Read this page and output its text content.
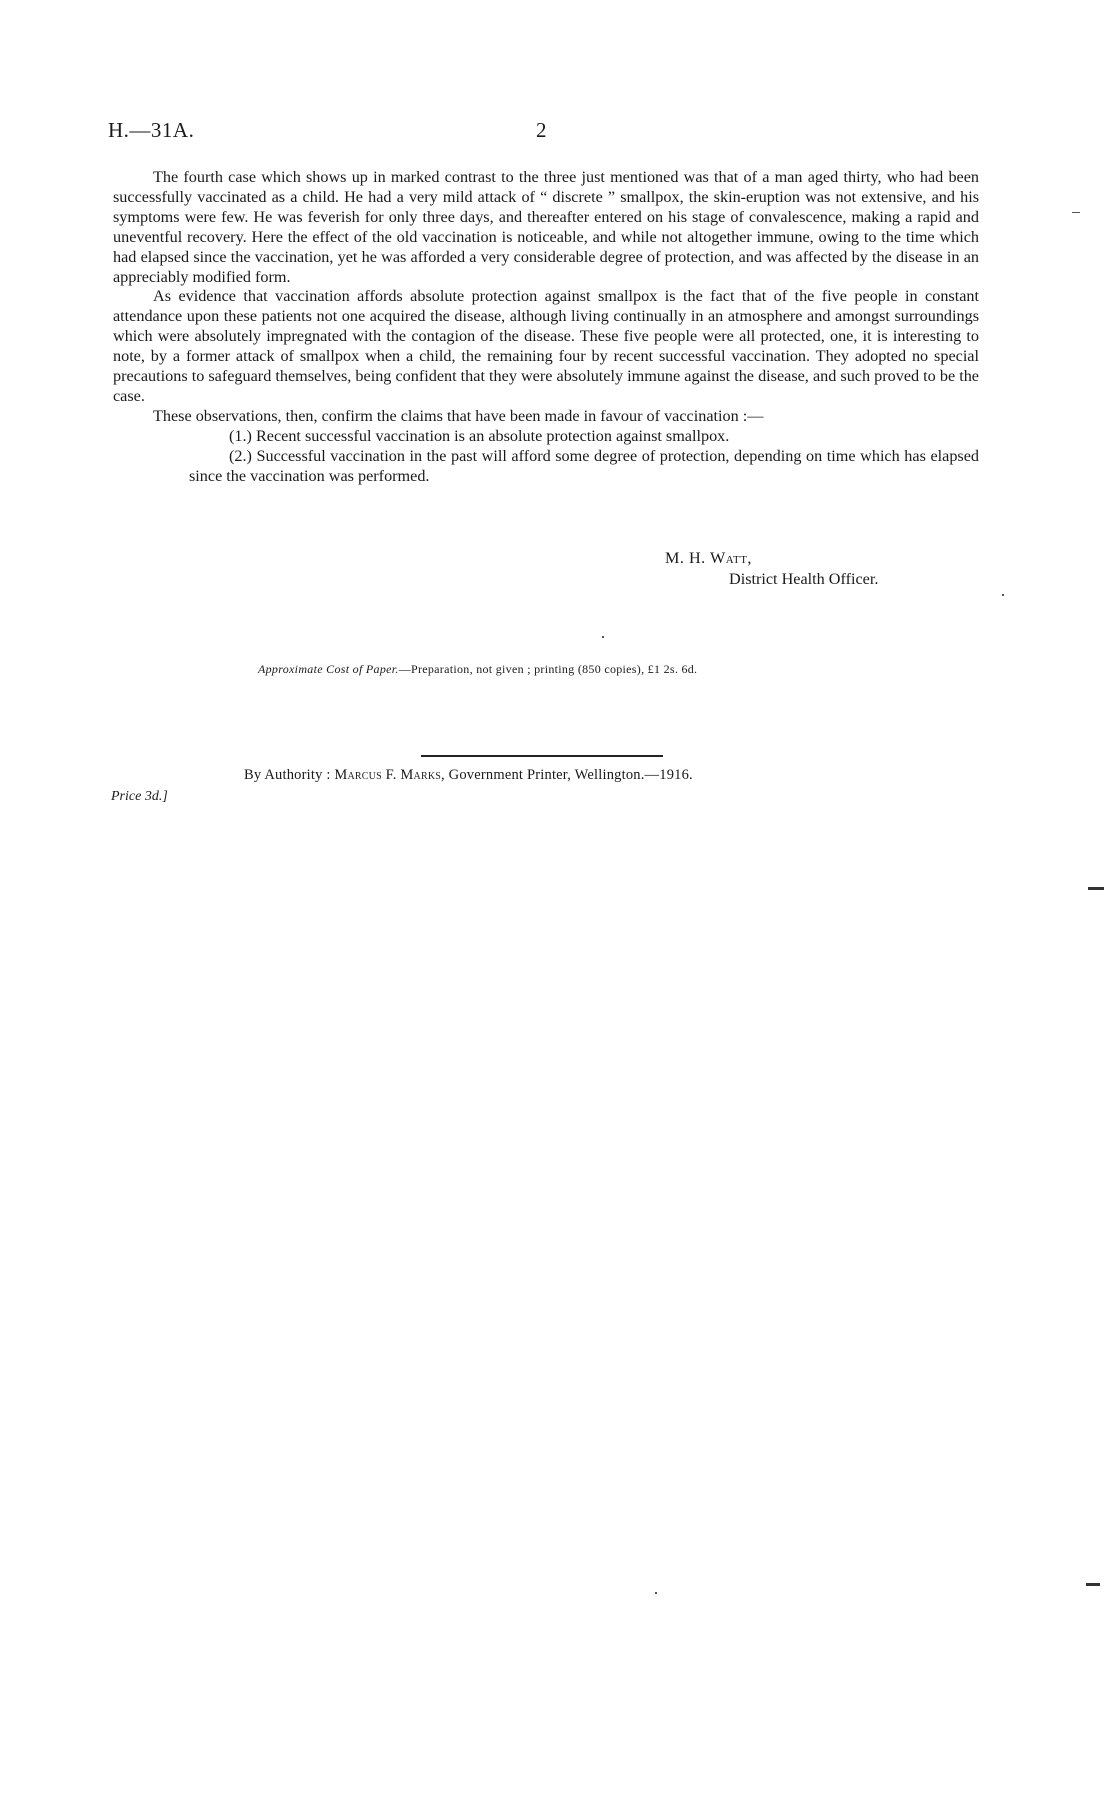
H.—31A.	2

The fourth case which shows up in marked contrast to the three just mentioned was that of a man aged thirty, who had been successfully vaccinated as a child. He had a very mild attack of “ discrete ” smallpox, the skin-eruption was not extensive, and his symptoms were few. He was feverish for only three days, and thereafter entered on his stage of convalescence, making a rapid and uneventful recovery. Here the effect of the old vaccination is noticeable, and while not altogether immune, owing to the time which had elapsed since the vaccination, yet he was afforded a very considerable degree of protection, and was affected by the disease in an appreciably modified form.

As evidence that vaccination affords absolute protection against smallpox is the fact that of the five people in constant attendance upon these patients not one acquired the disease, although living continually in an atmosphere and amongst surroundings which were absolutely impregnated with the contagion of the disease. These five people were all protected, one, it is interesting to note, by a former attack of smallpox when a child, the remaining four by recent successful vaccination. They adopted no special precautions to safeguard themselves, being confident that they were absolutely immune against the disease, and such proved to be the case.

These observations, then, confirm the claims that have been made in favour of vaccination :—

(1.) Recent successful vaccination is an absolute protection against smallpox.

(2.) Successful vaccination in the past will afford some degree of protection, depending on time which has elapsed since the vaccination was performed.

M. H. Watt,
District Health Officer.
Approximate Cost of Paper.—Preparation, not given ; printing (850 copies), £1 2s. 6d.
By Authority : Marcus F. Marks, Government Printer, Wellington.—1916.
Price 3d.]
